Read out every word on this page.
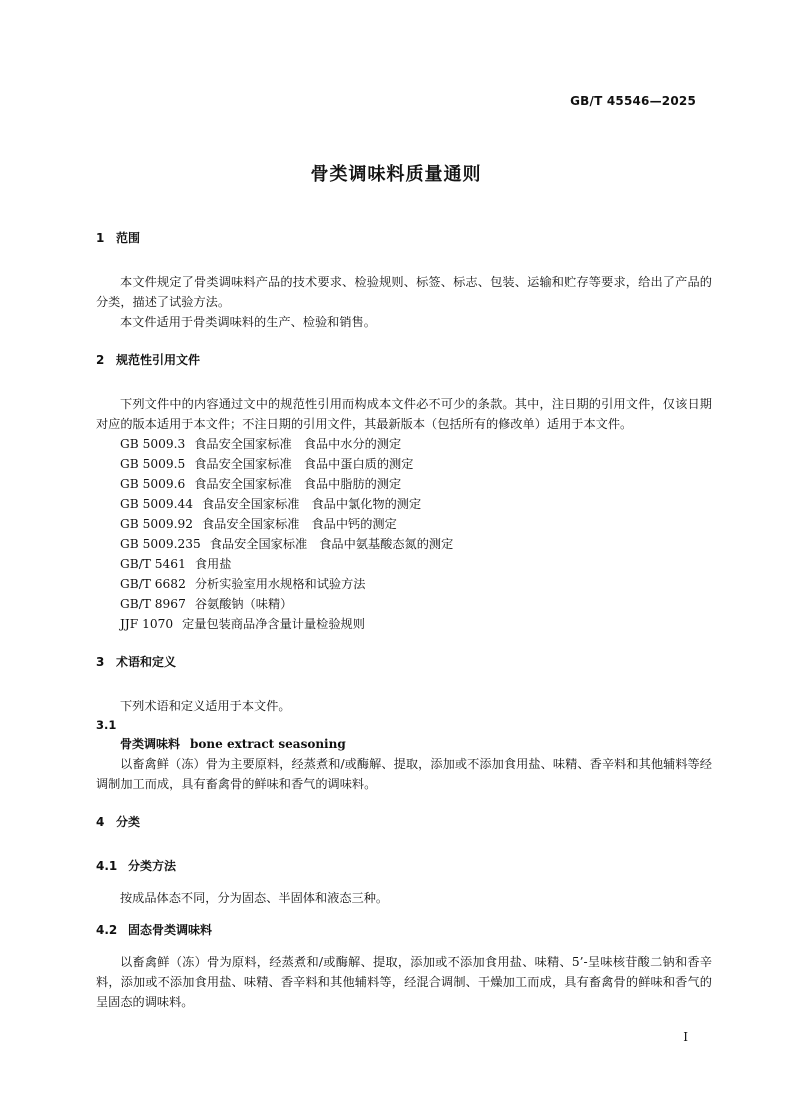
GB/T 45546—2025
骨类调味料质量通则
1 范围

本文件规定了骨类调味料产品的技术要求、检验规则、标签、标志、包装、运输和贮存等要求，给出了产品的分类，描述了试验方法。

本文件适用于骨类调味料的生产、检验和销售。

2 规范性引用文件

下列文件中的内容通过文中的规范性引用而构成本文件必不可少的条款。其中，注日期的引用文件，仅该日期对应的版本适用于本文件；不注日期的引用文件，其最新版本（包括所有的修改单）适用于本文件。

GB 5009.3 食品安全国家标准 食品中水分的测定
GB 5009.5 食品安全国家标准 食品中蛋白质的测定
GB 5009.6 食品安全国家标准 食品中脂肪的测定
GB 5009.44 食品安全国家标准 食品中氯化物的测定
GB 5009.92 食品安全国家标准 食品中钙的测定
GB 5009.235 食品安全国家标准 食品中氨基酸态氮的测定
GB/T 5461 食用盐
GB/T 6682 分析实验室用水规格和试验方法
GB/T 8967 谷氨酸钠（味精）
JJF 1070 定量包装商品净含量计量检验规则
3 术语和定义

下列术语和定义适用于本文件。

3.1
骨类调味料 bone extract seasoning

以畜禽鲜（冻）骨为主要原料，经蒸煮和/或酶解、提取，添加或不添加食用盐、味精、香辛料和其他辅料等经调制加工而成，具有畜禽骨的鲜味和香气的调味料。

4 分类
4.1 分类方法

按成品体态不同，分为固态、半固体和液态三种。

4.2 固态骨类调味料

以畜禽鲜（冻）骨为原料，经蒸煮和/或酶解、提取，添加或不添加食用盐、味精、5’-呈味核苷酸二钠和香辛料，添加或不添加食用盐、味精、香辛料和其他辅料等，经混合调制、干燥加工而成，具有畜禽骨的鲜味和香气的呈固态的调味料。

I
